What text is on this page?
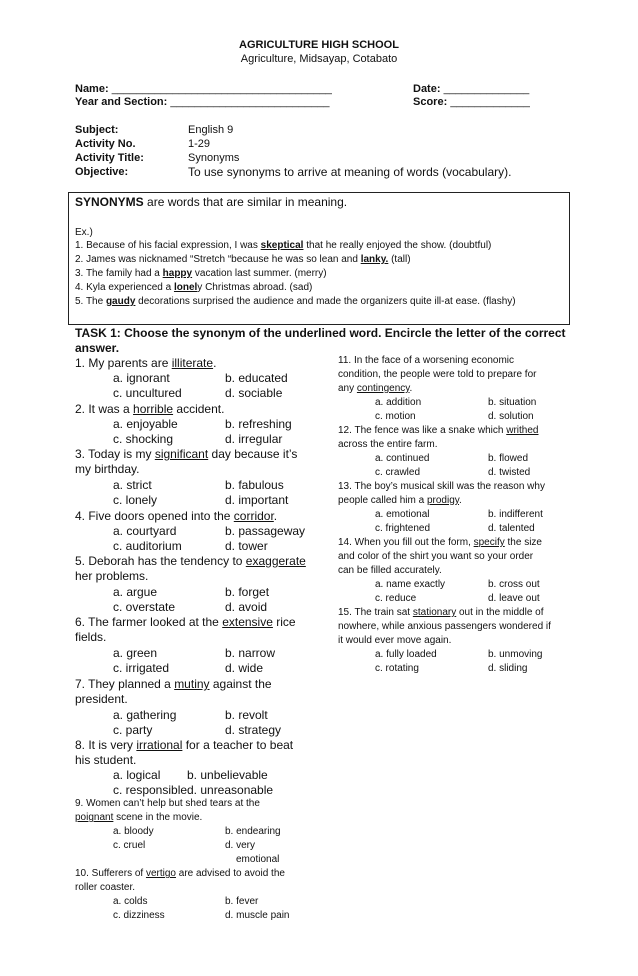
AGRICULTURE HIGH SCHOOL
Agriculture, Midsayap, Cotabato
Name: ____________________________________	Date: ______________
Year and Section: __________________________	Score: _____________
Subject:	English 9
Activity No.	1-29
Activity Title:	Synonyms
Objective:	To use synonyms to arrive at meaning of words (vocabulary).
SYNONYMS are words that are similar in meaning.
Ex.)
1. Because of his facial expression, I was skeptical that he really enjoyed the show. (doubtful)
2. James was nicknamed “Stretch “because he was so lean and lanky. (tall)
3. The family had a happy vacation last summer. (merry)
4. Kyla experienced a lonely Christmas abroad. (sad)
5. The gaudy decorations surprised the audience and made the organizers quite ill-at ease. (flashy)
TASK 1: Choose the synonym of the underlined word. Encircle the letter of the correct
answer.
1. My parents are illiterate.
a. ignorant	b. educated
c. uncultured	d. sociable
2. It was a horrible accident.
a. enjoyable	b. refreshing
c. shocking	d. irregular
3. Today is my significant day because it’s
my birthday.
a. strict	b. fabulous
c. lonely	d. important
4. Five doors opened into the corridor.
a. courtyard	b. passageway
c. auditorium	d. tower
5. Deborah has the tendency to exaggerate
her problems.
a. argue	b. forget
c. overstate	d. avoid
6. The farmer looked at the extensive rice
fields.
a. green	b. narrow
c. irrigated	d. wide
7. They planned a mutiny against the
president.
a. gathering	b. revolt
c. party	d. strategy
8. It is very irrational for a teacher to beat
his student.
a. logical b. unbelievable
c. responsible d. unreasonable
9. Women can’t help but shed tears at the
poignant scene in the movie.
a. bloody	b. endearing
c. cruel	d. very
emotional
10. Sufferers of vertigo are advised to avoid the
roller coaster.
a. colds	b. fever
c. dizziness	d. muscle pain
11. In the face of a worsening economic
condition, the people were told to prepare for
any contingency.
a. addition	b. situation
c. motion	d. solution
12. The fence was like a snake which writhed
across the entire farm.
a. continued	b. flowed
c. crawled	d. twisted
13. The boy’s musical skill was the reason why
people called him a prodigy.
a. emotional	b. indifferent
c. frightened	d. talented
14. When you fill out the form, specify the size
and color of the shirt you want so your order
can be filled accurately.
a. name exactly	b. cross out
c. reduce	d. leave out
15. The train sat stationary out in the middle of
nowhere, while anxious passengers wondered if
it would ever move again.
a. fully loaded	b. unmoving
c. rotating	d. sliding
